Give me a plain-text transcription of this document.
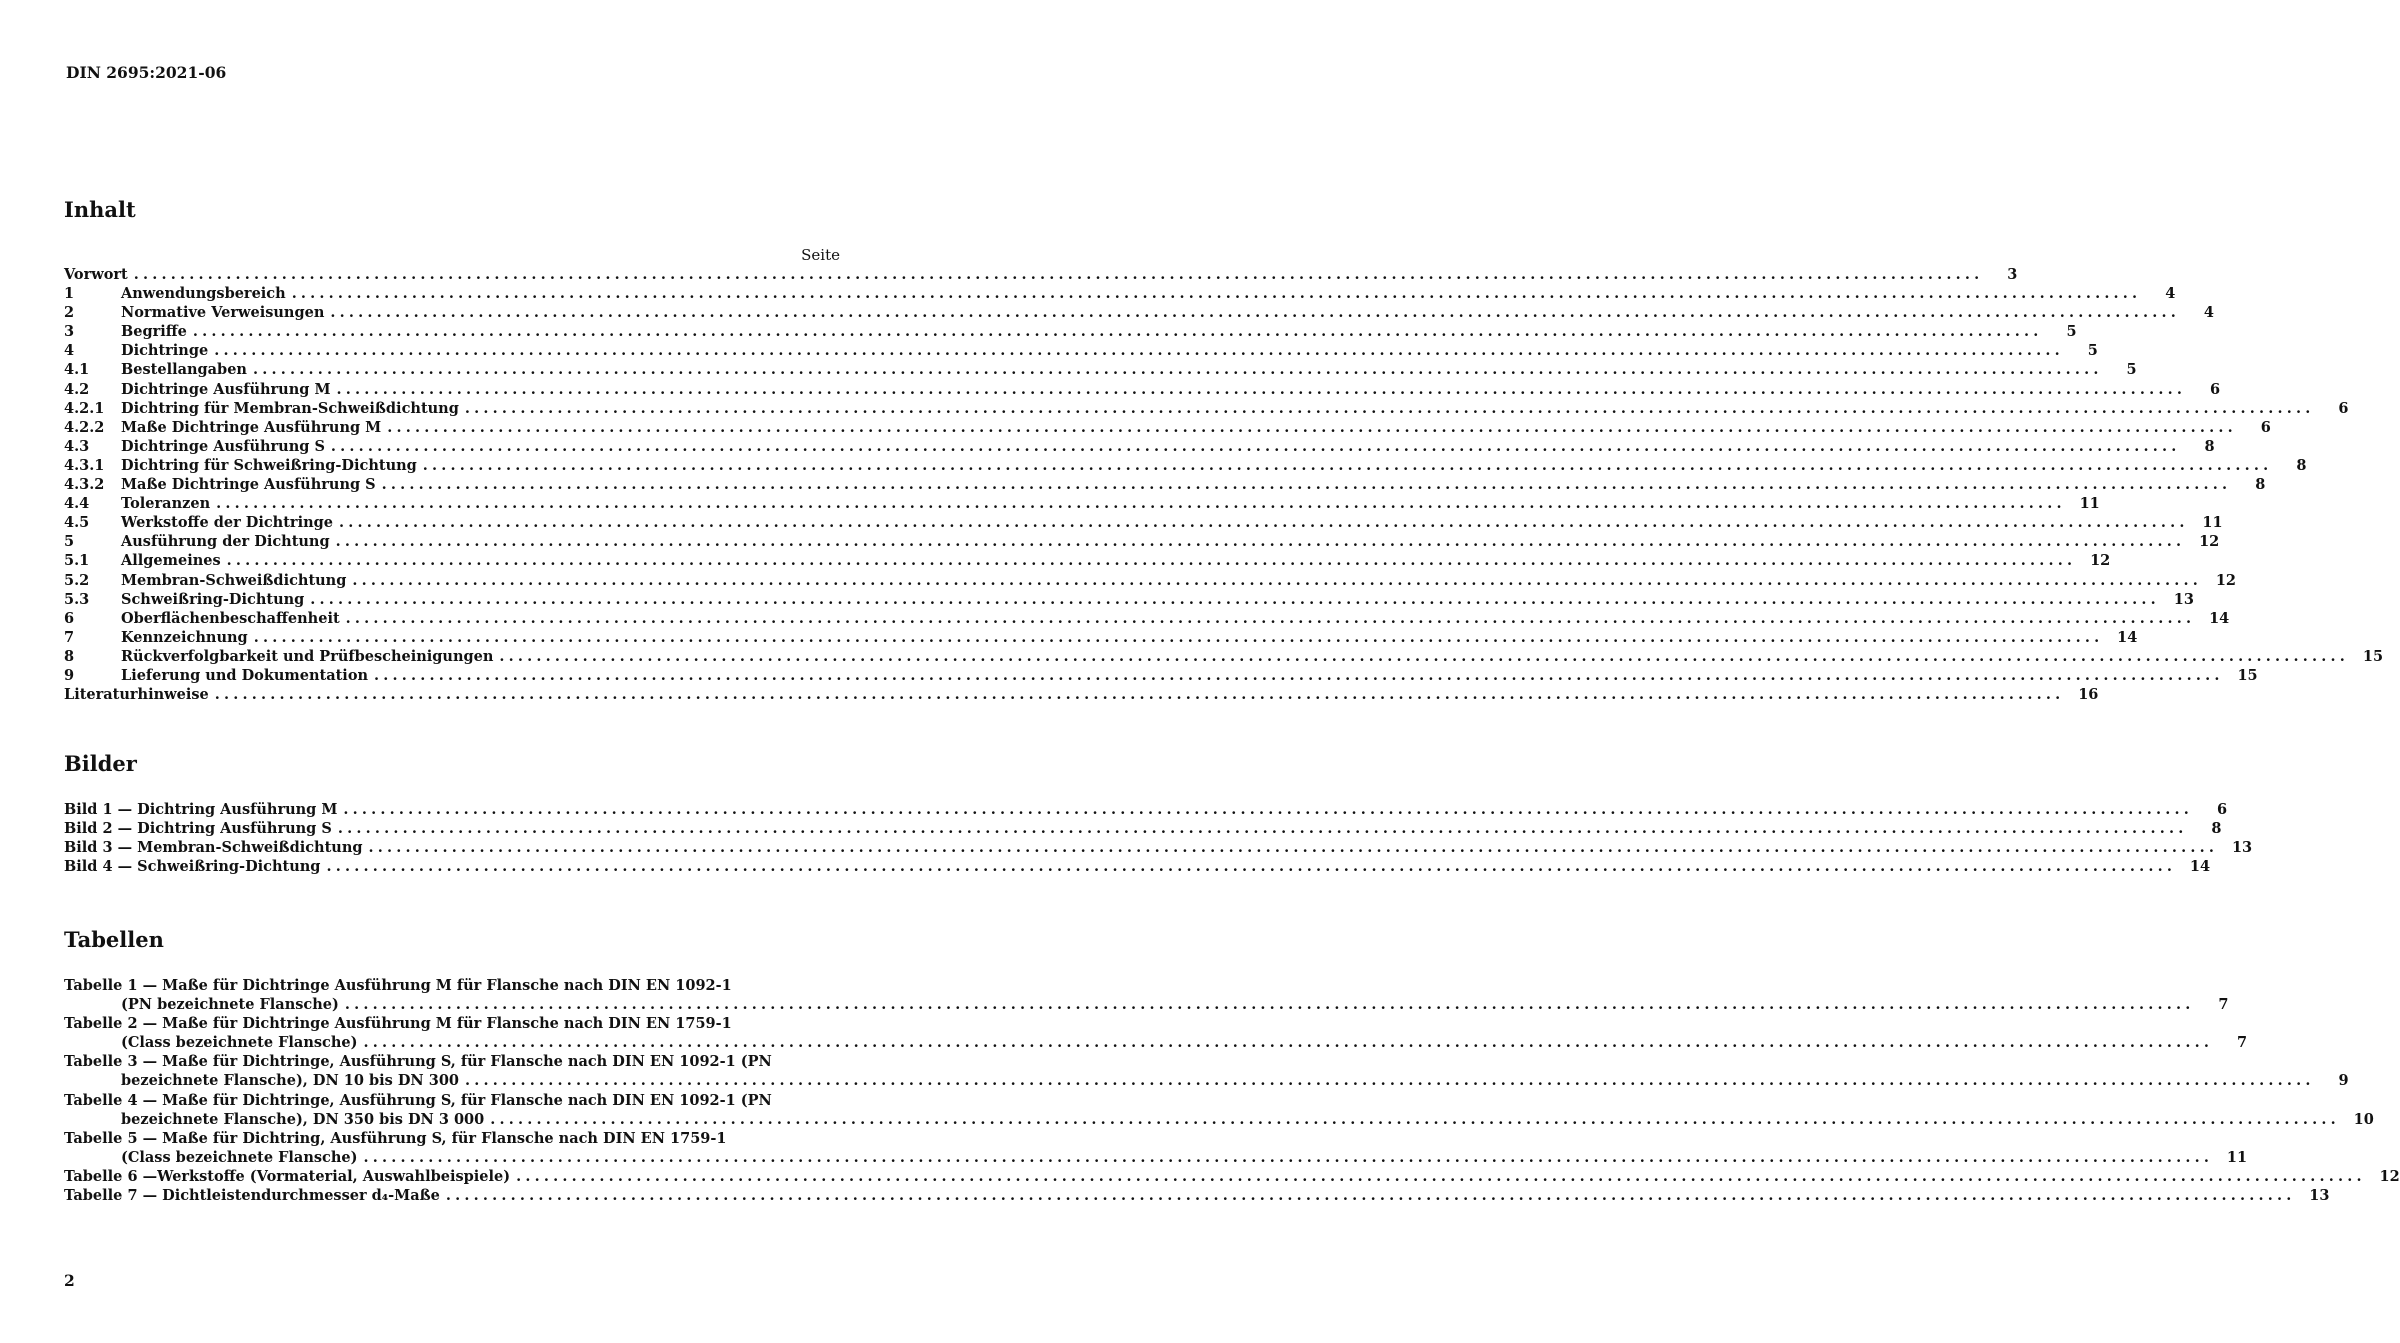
DIN 2695:2021-06
Inhalt
Seite
Vorwort ........................................................................................................................................................................................................	3
1	Anwendungsbereich ........................................................................................................................................................................................................	4
2	Normative Verweisungen ........................................................................................................................................................................................................	4
3	Begriffe ........................................................................................................................................................................................................	5
4	Dichtringe ........................................................................................................................................................................................................	5
4.1	Bestellangaben ........................................................................................................................................................................................................	5
4.2	Dichtringe Ausführung M ........................................................................................................................................................................................................	6
4.2.1	Dichtring für Membran-Schweißdichtung ........................................................................................................................................................................................................	6
4.2.2	Maße Dichtringe Ausführung M ........................................................................................................................................................................................................	6
4.3	Dichtringe Ausführung S ........................................................................................................................................................................................................	8
4.3.1	Dichtring für Schweißring-Dichtung ........................................................................................................................................................................................................	8
4.3.2	Maße Dichtringe Ausführung S ........................................................................................................................................................................................................	8
4.4	Toleranzen ........................................................................................................................................................................................................ 11
4.5	Werkstoffe der Dichtringe ........................................................................................................................................................................................................ 11
5	Ausführung der Dichtung ........................................................................................................................................................................................................ 12
5.1	Allgemeines ........................................................................................................................................................................................................ 12
5.2	Membran-Schweißdichtung ........................................................................................................................................................................................................ 12
5.3	Schweißring-Dichtung ........................................................................................................................................................................................................ 13
6	Oberflächenbeschaffenheit ........................................................................................................................................................................................................ 14
7	Kennzeichnung ........................................................................................................................................................................................................ 14
8	Rückverfolgbarkeit und Prüfbescheinigungen ........................................................................................................................................................................................................ 15
9	Lieferung und Dokumentation ........................................................................................................................................................................................................ 15
Literaturhinweise ........................................................................................................................................................................................................ 16
Bilder
Bild 1 — Dichtring Ausführung M ........................................................................................................................................................................................................	6
Bild 2 — Dichtring Ausführung S ........................................................................................................................................................................................................	8
Bild 3 — Membran-Schweißdichtung ........................................................................................................................................................................................................ 13
Bild 4 — Schweißring-Dichtung ........................................................................................................................................................................................................ 14
Tabellen
Tabelle 1 — Maße für Dichtringe Ausführung M für Flansche nach DIN EN 1092-1
(PN bezeichnete Flansche) ........................................................................................................................................................................................................	7
Tabelle 2 — Maße für Dichtringe Ausführung M für Flansche nach DIN EN 1759-1
(Class bezeichnete Flansche) ........................................................................................................................................................................................................	7
Tabelle 3 — Maße für Dichtringe, Ausführung S, für Flansche nach DIN EN 1092-1 (PN
bezeichnete Flansche), DN 10 bis DN 300 ........................................................................................................................................................................................................	9
Tabelle 4 — Maße für Dichtringe, Ausführung S, für Flansche nach DIN EN 1092-1 (PN
bezeichnete Flansche), DN 350 bis DN 3 000 ........................................................................................................................................................................................................ 10
Tabelle 5 — Maße für Dichtring, Ausführung S, für Flansche nach DIN EN 1759-1
(Class bezeichnete Flansche) ........................................................................................................................................................................................................ 11
Tabelle 6 —Werkstoffe (Vormaterial, Auswahlbeispiele) ........................................................................................................................................................................................................ 12
Tabelle 7 — Dichtleistendurchmesser d₄-Maße ........................................................................................................................................................................................................ 13
2
